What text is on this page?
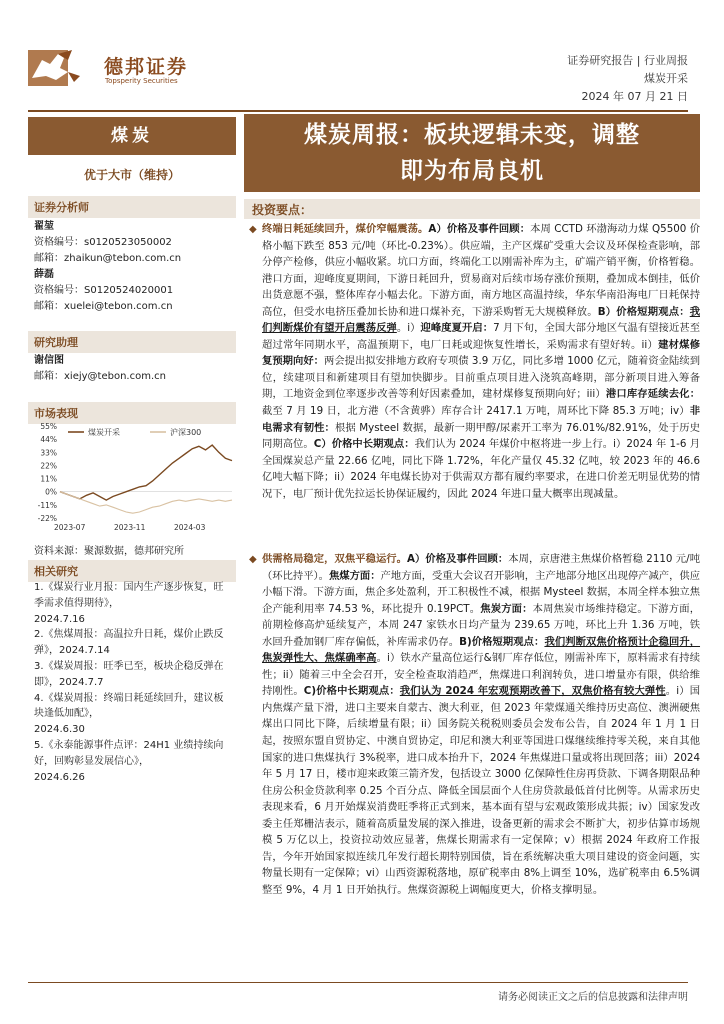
德邦证券
Topsperity Securities
证券研究报告 | 行业周报
煤炭开采
2024 年 07 月 21 日
煤炭
优于大市（维持）
证券分析师
翟堃
资格编号：s0120523050002
邮箱：zhaikun@tebon.com.cn
薛磊
资格编号：S0120524020001
邮箱：xuelei@tebon.com.cn
研究助理
谢信图
邮箱：xiejy@tebon.com.cn
市场表现
55%
44%
33%
22%
11%
0%
-11%
-22%
2023-07	2023-11	2024-03
煤炭开采	沪深300
资料来源：聚源数据，德邦研究所
相关研究
1.《煤炭行业月报：国内生产逐步恢复，旺季需求值得期待》，
2024.7.16
2.《焦煤周报：高温拉升日耗，煤价止跌反弹》，2024.7.14
3.《煤炭周报：旺季已至，板块企稳反弹在即》，2024.7.7
4.《煤炭周报：终端日耗延续回升，建议板块逢低加配》，
2024.6.30
5.《永泰能源事件点评：24H1 业绩持续向好，回购彰显发展信心》，
2024.6.26
煤炭周报：板块逻辑未变，调整
即为布局良机
投资要点：
◆ 终端日耗延续回升，煤价窄幅震荡。A）价格及事件回顾：本周 CCTD 环渤海动力煤 Q5500 价格小幅下跌至 853 元/吨（环比-0.23%）。供应端，主产区煤矿受重大会议及环保检查影响，部分停产检修，供应小幅收紧。坑口方面，终端化工以刚需补库为主，矿端产销平衡，价格暂稳。港口方面，迎峰度夏期间，下游日耗回升，贸易商对后续市场存涨价预期，叠加成本倒挂，低价出货意愿不强，整体库存小幅去化。下游方面，南方地区高温持续，华东华南沿海电厂日耗保持高位，但受水电挤压叠加长协和进口煤补充，下游采购暂无大规模释放。B）价格短期观点：我们判断煤价有望开启震荡反弹。i）迎峰度夏开启：7 月下旬，全国大部分地区气温有望接近甚至超过常年同期水平，高温预期下，电厂日耗或迎恢复性增长，采购需求有望好转。ii）建材煤修复预期向好：两会提出拟安排地方政府专项债 3.9 万亿，同比多增 1000 亿元，随着资金陆续到位，续建项目和新建项目有望加快脚步。目前重点项目进入浇筑高峰期，部分新项目进入筹备期，工地资金到位率逐步改善等利好因素叠加，建材煤修复预期向好；iii）港口库存延续去化：截至 7 月 19 日，北方港（不含黄骅）库存合计 2417.1 万吨，周环比下降 85.3 万吨；iv）非电需求有韧性：根据 Mysteel 数据，最新一期甲醇/尿素开工率为 76.01%/82.91%，处于历史同期高位。C）价格中长期观点：我们认为 2024 年煤价中枢将进一步上行。i）2024 年 1-6 月全国煤炭总产量 22.66 亿吨，同比下降 1.72%，年化产量仅 45.32 亿吨，较 2023 年的 46.6 亿吨大幅下降；ii）2024 年电煤长协对于供需双方都有履约率要求，在进口价差无明显优势的情况下，电厂预计优先拉运长协保证履约，因此 2024 年进口量大概率出现减量。
◆ 供需格局稳定，双焦平稳运行。A）价格及事件回顾：本周，京唐港主焦煤价格暂稳 2110 元/吨（环比持平）。焦煤方面：产地方面，受重大会议召开影响，主产地部分地区出现停产减产，供应小幅下滑。下游方面，焦企多处盈利，开工积极性不减，根据 Mysteel 数据，本周全样本独立焦企产能利用率 74.53 %，环比提升 0.19PCT。焦炭方面：本周焦炭市场维持稳定。下游方面，前期检修高炉延续复产，本周 247 家铁水日均产量为 239.65 万吨，环比上升 1.36 万吨，铁水回升叠加钢厂库存偏低，补库需求仍存。B)价格短期观点：我们判断双焦价格预计企稳回升，焦炭弹性大、焦煤确率高。i）铁水产量高位运行&钢厂库存低位，刚需补库下，原料需求有持续性；ii）随着三中全会召开，安全检查取消趋严，焦煤进口利润转负，进口增量亦有限，供给维持刚性。C)价格中长期观点：我们认为 2024 年宏观预期改善下，双焦价格有较大弹性。i）国内焦煤产量下滑，进口主要来自蒙古、澳大利亚，但 2023 年蒙煤通关维持历史高位、澳洲硬焦煤出口同比下降，后续增量有限；ii）国务院关税税则委员会发布公告，自 2024 年 1 月 1 日起，按照东盟自贸协定、中澳自贸协定，印尼和澳大利亚等国进口煤继续维持零关税，来自其他国家的进口焦煤执行 3%税率，进口成本抬升下，2024 年焦煤进口量或将出现回落；iii）2024 年 5 月 17 日，楼市迎来政策三箭齐发，包括设立 3000 亿保障性住房再贷款、下调各期限品种住房公积金贷款利率 0.25 个百分点、降低全国层面个人住房贷款最低首付比例等。从需求历史表现来看，6 月开始煤炭消费旺季将正式到来，基本面有望与宏观政策形成共振；iv）国家发改委主任郑栅洁表示，随着高质量发展的深入推进，设备更新的需求会不断扩大，初步估算市场规模 5 万亿以上，投资拉动效应显著，焦煤长期需求有一定保障；v）根据 2024 年政府工作报告，今年开始国家拟连续几年发行超长期特别国债，旨在系统解决重大项目建设的资金问题，实物量长期有一定保障；vi）山西资源税落地，原矿税率由 8%上调至 10%，选矿税率由 6.5%调整至 9%，4 月 1 日开始执行。焦煤资源税上调幅度更大，价格支撑明显。
请务必阅读正文之后的信息披露和法律声明
